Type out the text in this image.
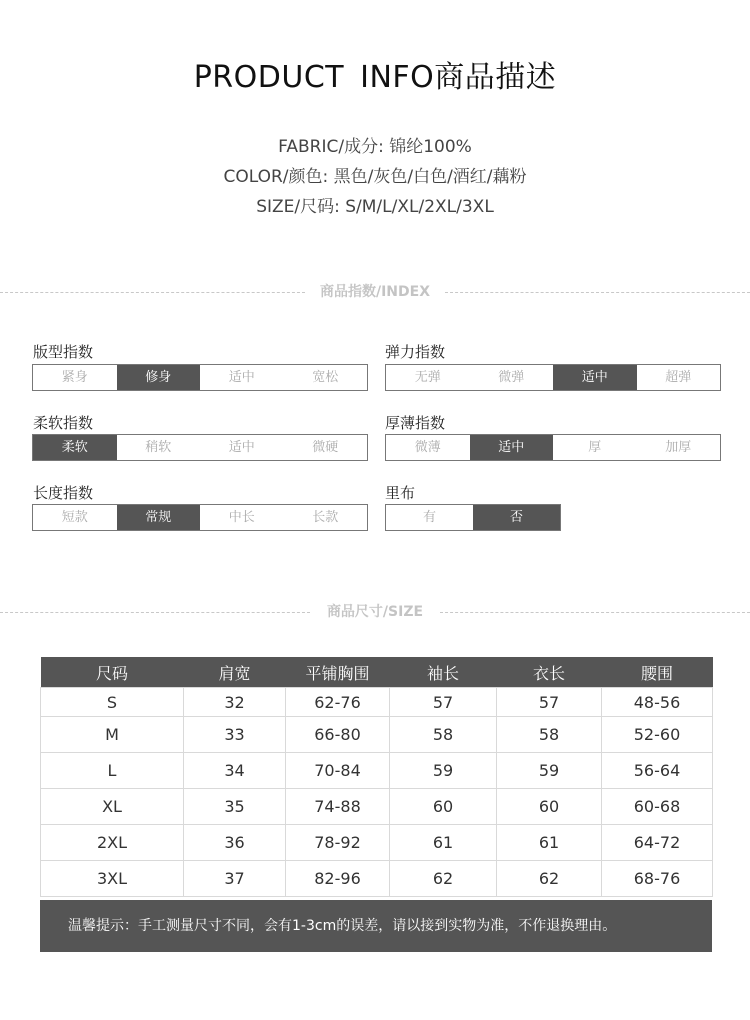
PRODUCT INFO商品描述
FABRIC/成分: 锦纶100%
COLOR/颜色: 黑色/灰色/白色/酒红/藕粉
SIZE/尺码: S/M/L/XL/2XL/3XL
商品指数/INDEX
版型指数
紧身	修身	适中	宽松
弹力指数
无弹	微弹	适中	超弹
柔软指数
柔软	稍软	适中	微硬
厚薄指数
微薄	适中	厚	加厚
长度指数
短款	常规	中长	长款
里布
有	否
商品尺寸/SIZE
尺码	肩宽	平铺胸围	袖长	衣长	腰围
S	32	62-76	57	57	48-56
M	33	66-80	58	58	52-60
L	34	70-84	59	59	56-64
XL	35	74-88	60	60	60-68
2XL	36	78-92	61	61	64-72
3XL	37	82-96	62	62	68-76
温馨提示：手工测量尺寸不同，会有1-3cm的误差，请以接到实物为准，不作退换理由。
